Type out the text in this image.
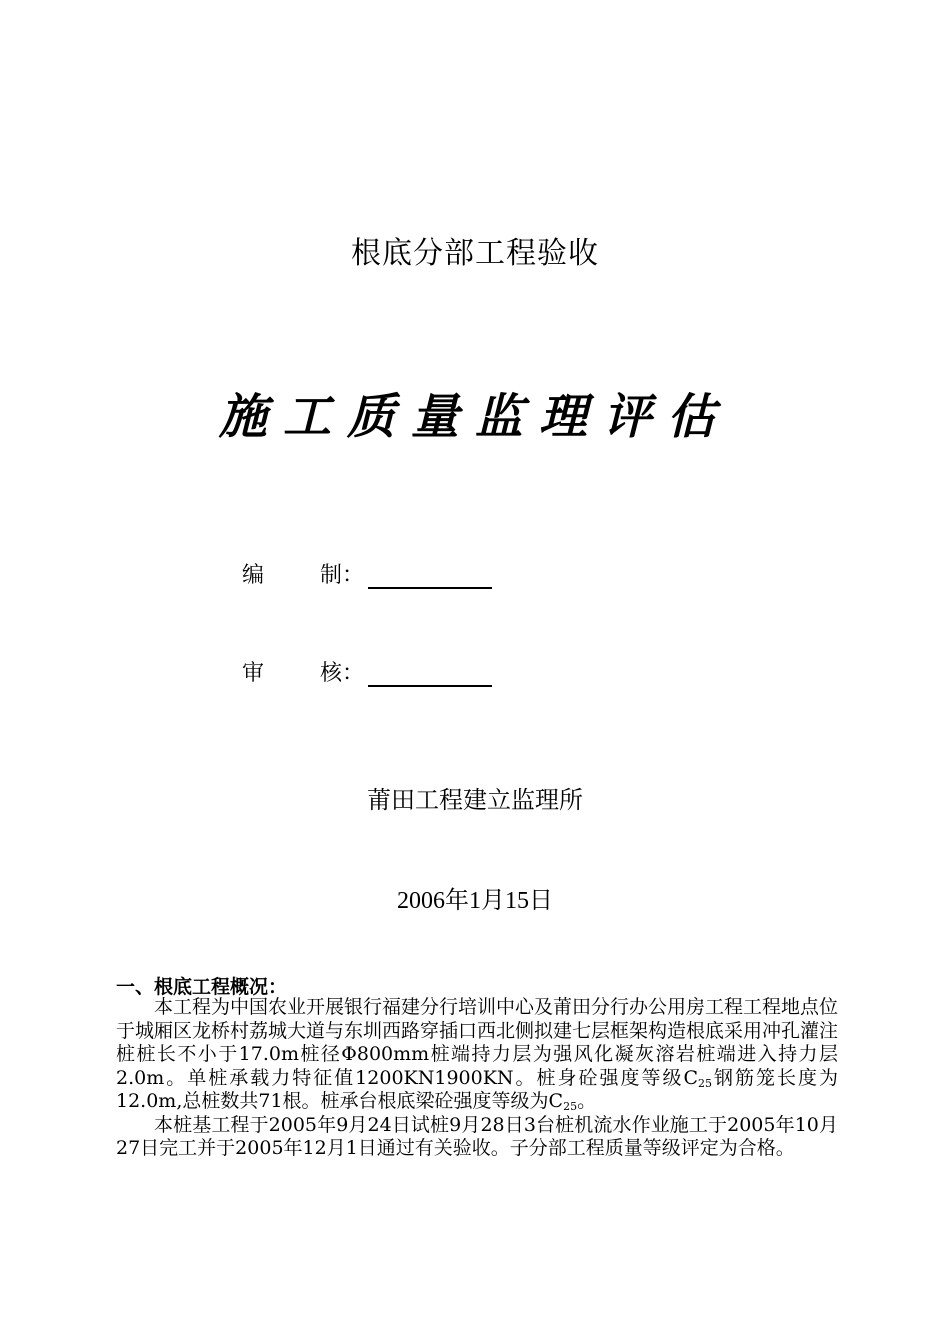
根底分部工程验收
施工质量监理评估
编	制：
审	核：
莆田工程建立监理所
2006年1月15日
一、根底工程概况：

本工程为中国农业开展银行福建分行培训中心及莆田分行办公用房工程工程地点位于城厢区龙桥村荔城大道与东圳西路穿插口西北侧拟建七层框架构造根底采用冲孔灌注桩桩长不小于17.0m桩径Φ800mm桩端持力层为强风化凝灰溶岩桩端进入持力层2.0m。单桩承载力特征值1200KN1900KN。桩身砼强度等级$C_{25}$钢筋笼长度为12.0m,总桩数共71根。桩承台根底梁砼强度等级为$C_{25}$。

本桩基工程于2005年9月24日试桩9月28日3台桩机流水作业施工于2005年10月27日完工并于2005年12月1日通过有关验收。子分部工程质量等级评定为合格。
